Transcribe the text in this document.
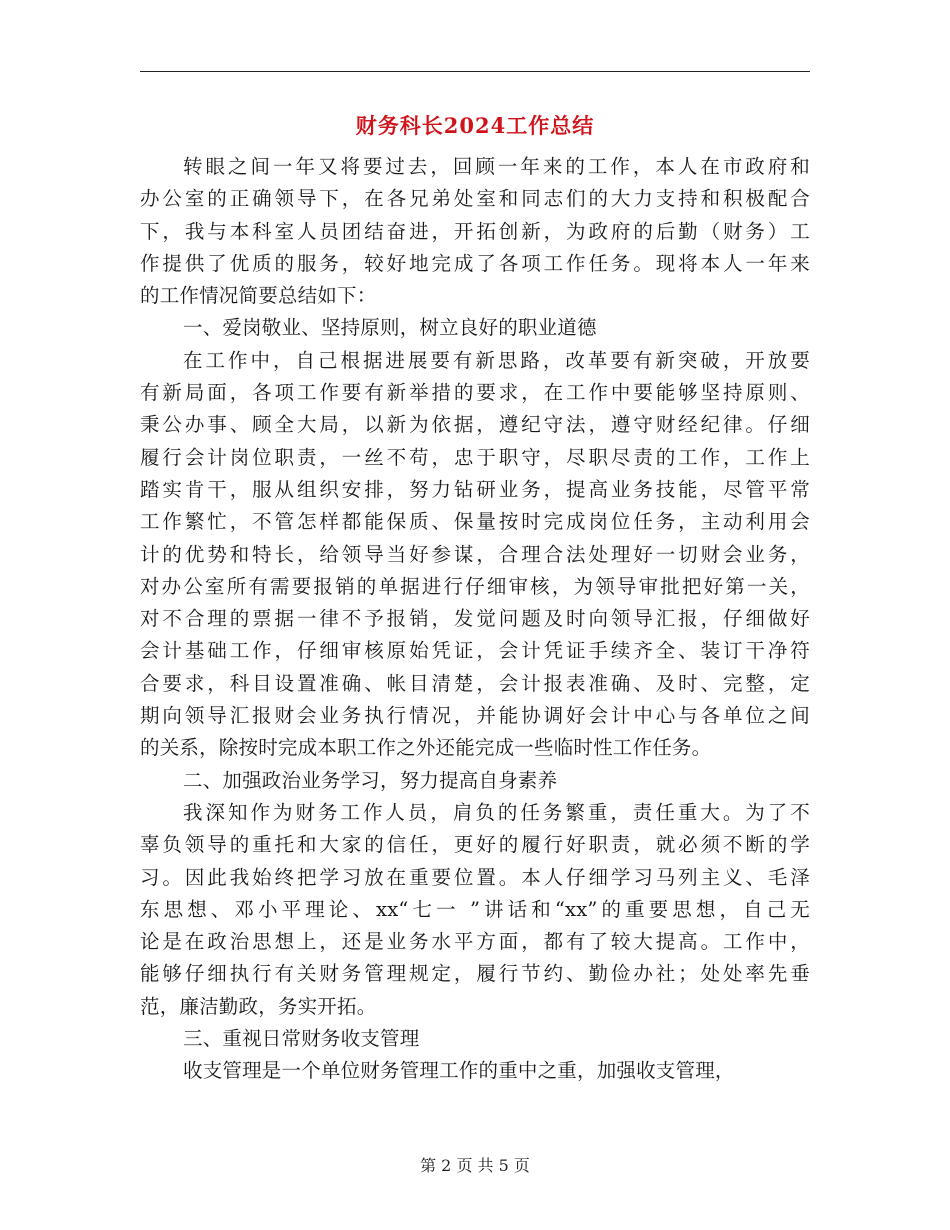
财务科长2024工作总结
转眼之间一年又将要过去，回顾一年来的工作，本人在市政府和
办公室的正确领导下，在各兄弟处室和同志们的大力支持和积极配合
下，我与本科室人员团结奋进，开拓创新，为政府的后勤（财务）工
作提供了优质的服务，较好地完成了各项工作任务。现将本人一年来
的工作情况简要总结如下：
一、爱岗敬业、坚持原则，树立良好的职业道德
在工作中，自己根据进展要有新思路，改革要有新突破，开放要
有新局面，各项工作要有新举措的要求，在工作中要能够坚持原则、
秉公办事、顾全大局，以新为依据，遵纪守法，遵守财经纪律。仔细
履行会计岗位职责，一丝不苟，忠于职守，尽职尽责的工作，工作上
踏实肯干，服从组织安排，努力钻研业务，提高业务技能，尽管平常
工作繁忙，不管怎样都能保质、保量按时完成岗位任务，主动利用会
计的优势和特长，给领导当好参谋，合理合法处理好一切财会业务，
对办公室所有需要报销的单据进行仔细审核，为领导审批把好第一关，
对不合理的票据一律不予报销，发觉问题及时向领导汇报，仔细做好
会计基础工作，仔细审核原始凭证，会计凭证手续齐全、装订干净符
合要求，科目设置准确、帐目清楚，会计报表准确、及时、完整，定
期向领导汇报财会业务执行情况，并能协调好会计中心与各单位之间
的关系，除按时完成本职工作之外还能完成一些临时性工作任务。
二、加强政治业务学习，努力提高自身素养
我深知作为财务工作人员，肩负的任务繁重，责任重大。为了不
辜负领导的重托和大家的信任，更好的履行好职责，就必须不断的学
习。因此我始终把学习放在重要位置。本人仔细学习马列主义、毛泽
东思想、邓小平理论、xx“七一 ”讲话和“xx”的重要思想，自己无
论是在政治思想上，还是业务水平方面，都有了较大提高。工作中，
能够仔细执行有关财务管理规定，履行节约、勤俭办社；处处率先垂
范，廉洁勤政，务实开拓。
三、重视日常财务收支管理
收支管理是一个单位财务管理工作的重中之重，加强收支管理，
第 2 页 共 5 页
